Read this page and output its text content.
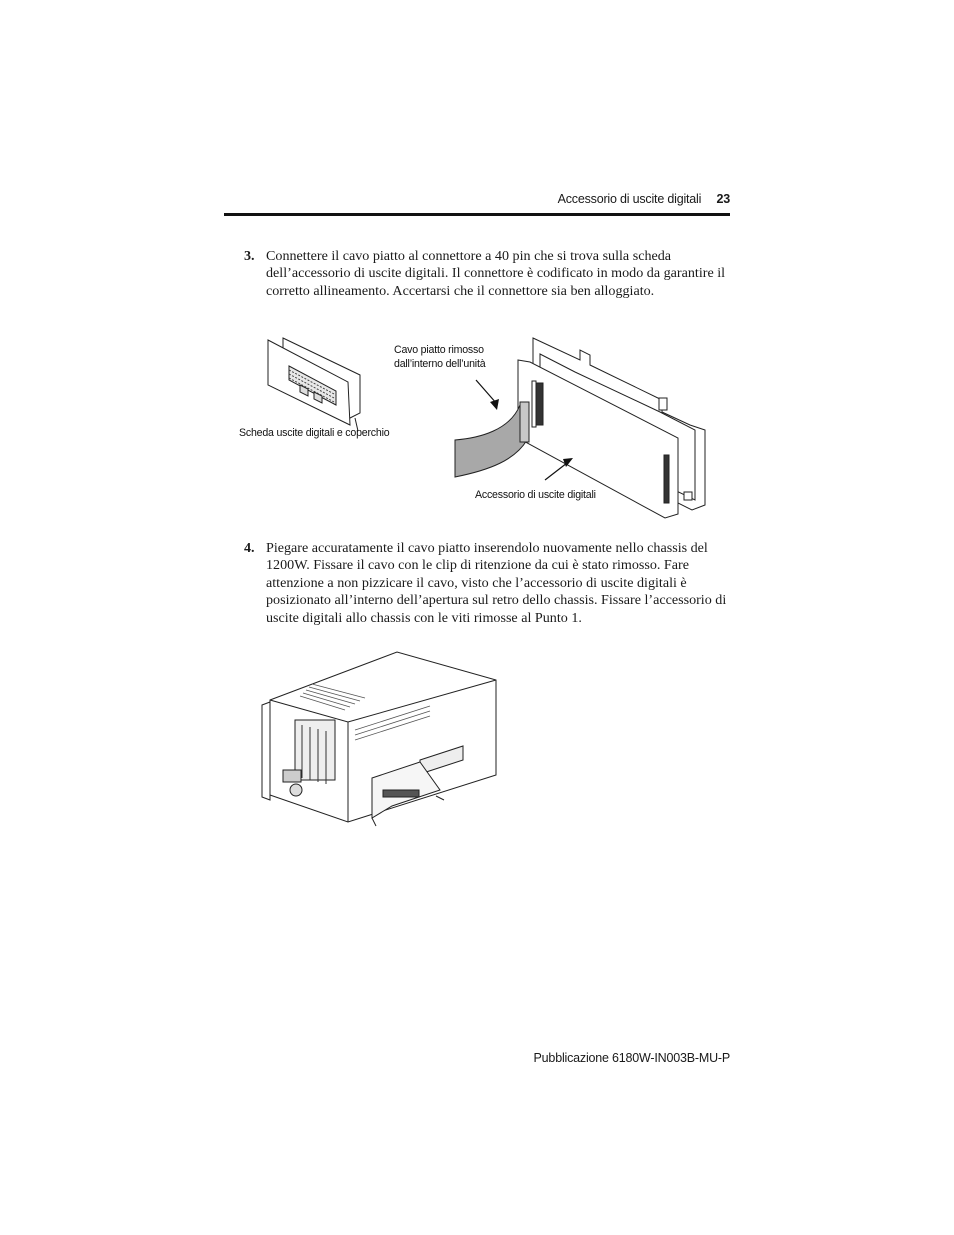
Accessorio di uscite digitali 23
3. Connettere il cavo piatto al connettore a 40 pin che si trova sulla scheda dell’accessorio di uscite digitali. Il connettore è codificato in modo da garantire il corretto allineamento. Accertarsi che il connettore sia ben alloggiato.
Scheda uscite digitali e coperchio
Cavo piatto rimosso
dall’interno dell’unità
Accessorio di uscite digitali
4. Piegare accuratamente il cavo piatto inserendolo nuovamente nello chassis del 1200W. Fissare il cavo con le clip di ritenzione da cui è stato rimosso. Fare attenzione a non pizzicare il cavo, visto che l’accessorio di uscite digitali è posizionato all’interno dell’apertura sul retro dello chassis. Fissare l’accessorio di uscite digitali allo chassis con le viti rimosse al Punto 1.
Pubblicazione 6180W-IN003B-MU-P
